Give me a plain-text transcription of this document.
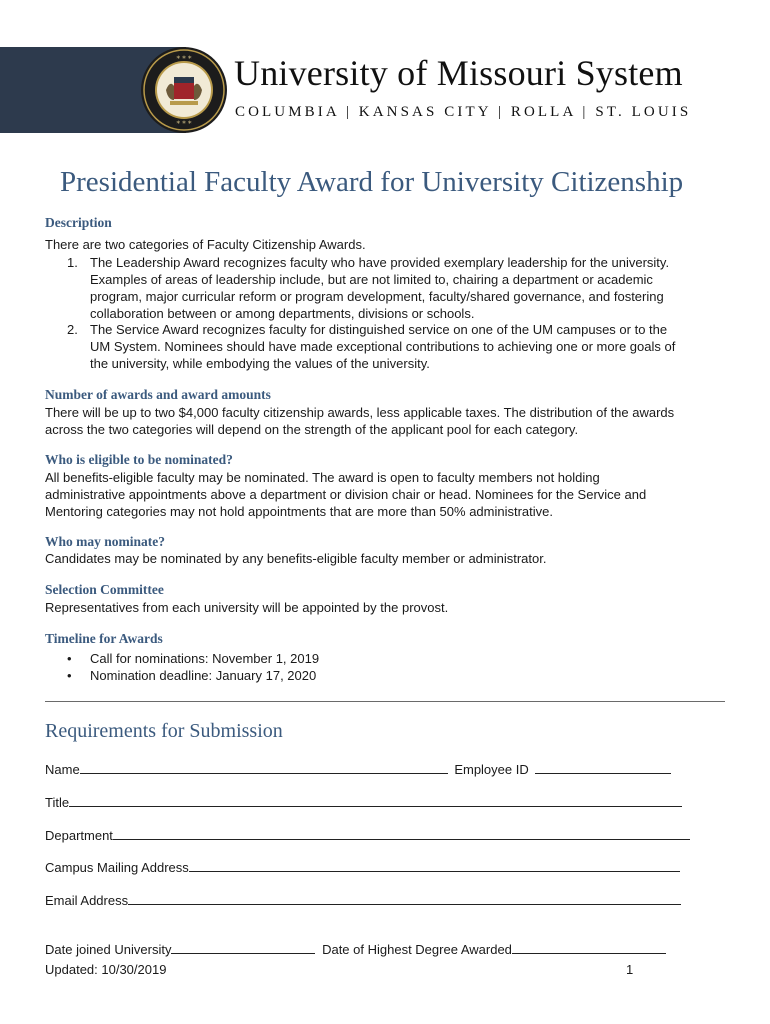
* * *
* * *
University of Missouri System
COLUMBIA | KANSAS CITY | ROLLA | ST. LOUIS
Presidential Faculty Award for University Citizenship
Description
There are two categories of Faculty Citizenship Awards.
1. The Leadership Award recognizes faculty who have provided exemplary leadership for the university.
Examples of areas of leadership include, but are not limited to, chairing a department or academic
program, major curricular reform or program development, faculty/shared governance, and fostering
collaboration between or among departments, divisions or schools.
2. The Service Award recognizes faculty for distinguished service on one of the UM campuses or to the
UM System. Nominees should have made exceptional contributions to achieving one or more goals of
the university, while embodying the values of the university.
Number of awards and award amounts
There will be up to two $4,000 faculty citizenship awards, less applicable taxes. The distribution of the awards
across the two categories will depend on the strength of the applicant pool for each category.
Who is eligible to be nominated?
All benefits-eligible faculty may be nominated. The award is open to faculty members not holding
administrative appointments above a department or division chair or head. Nominees for the Service and
Mentoring categories may not hold appointments that are more than 50% administrative.
Who may nominate?
Candidates may be nominated by any benefits-eligible faculty member or administrator.
Selection Committee
Representatives from each university will be appointed by the provost.
Timeline for Awards
• Call for nominations: November 1, 2019
• Nomination deadline: January 17, 2020
Requirements for Submission
Name	Employee ID
Title
Department
Campus Mailing Address
Email Address
Date joined University	Date of Highest Degree Awarded
Updated: 10/30/2019	1
